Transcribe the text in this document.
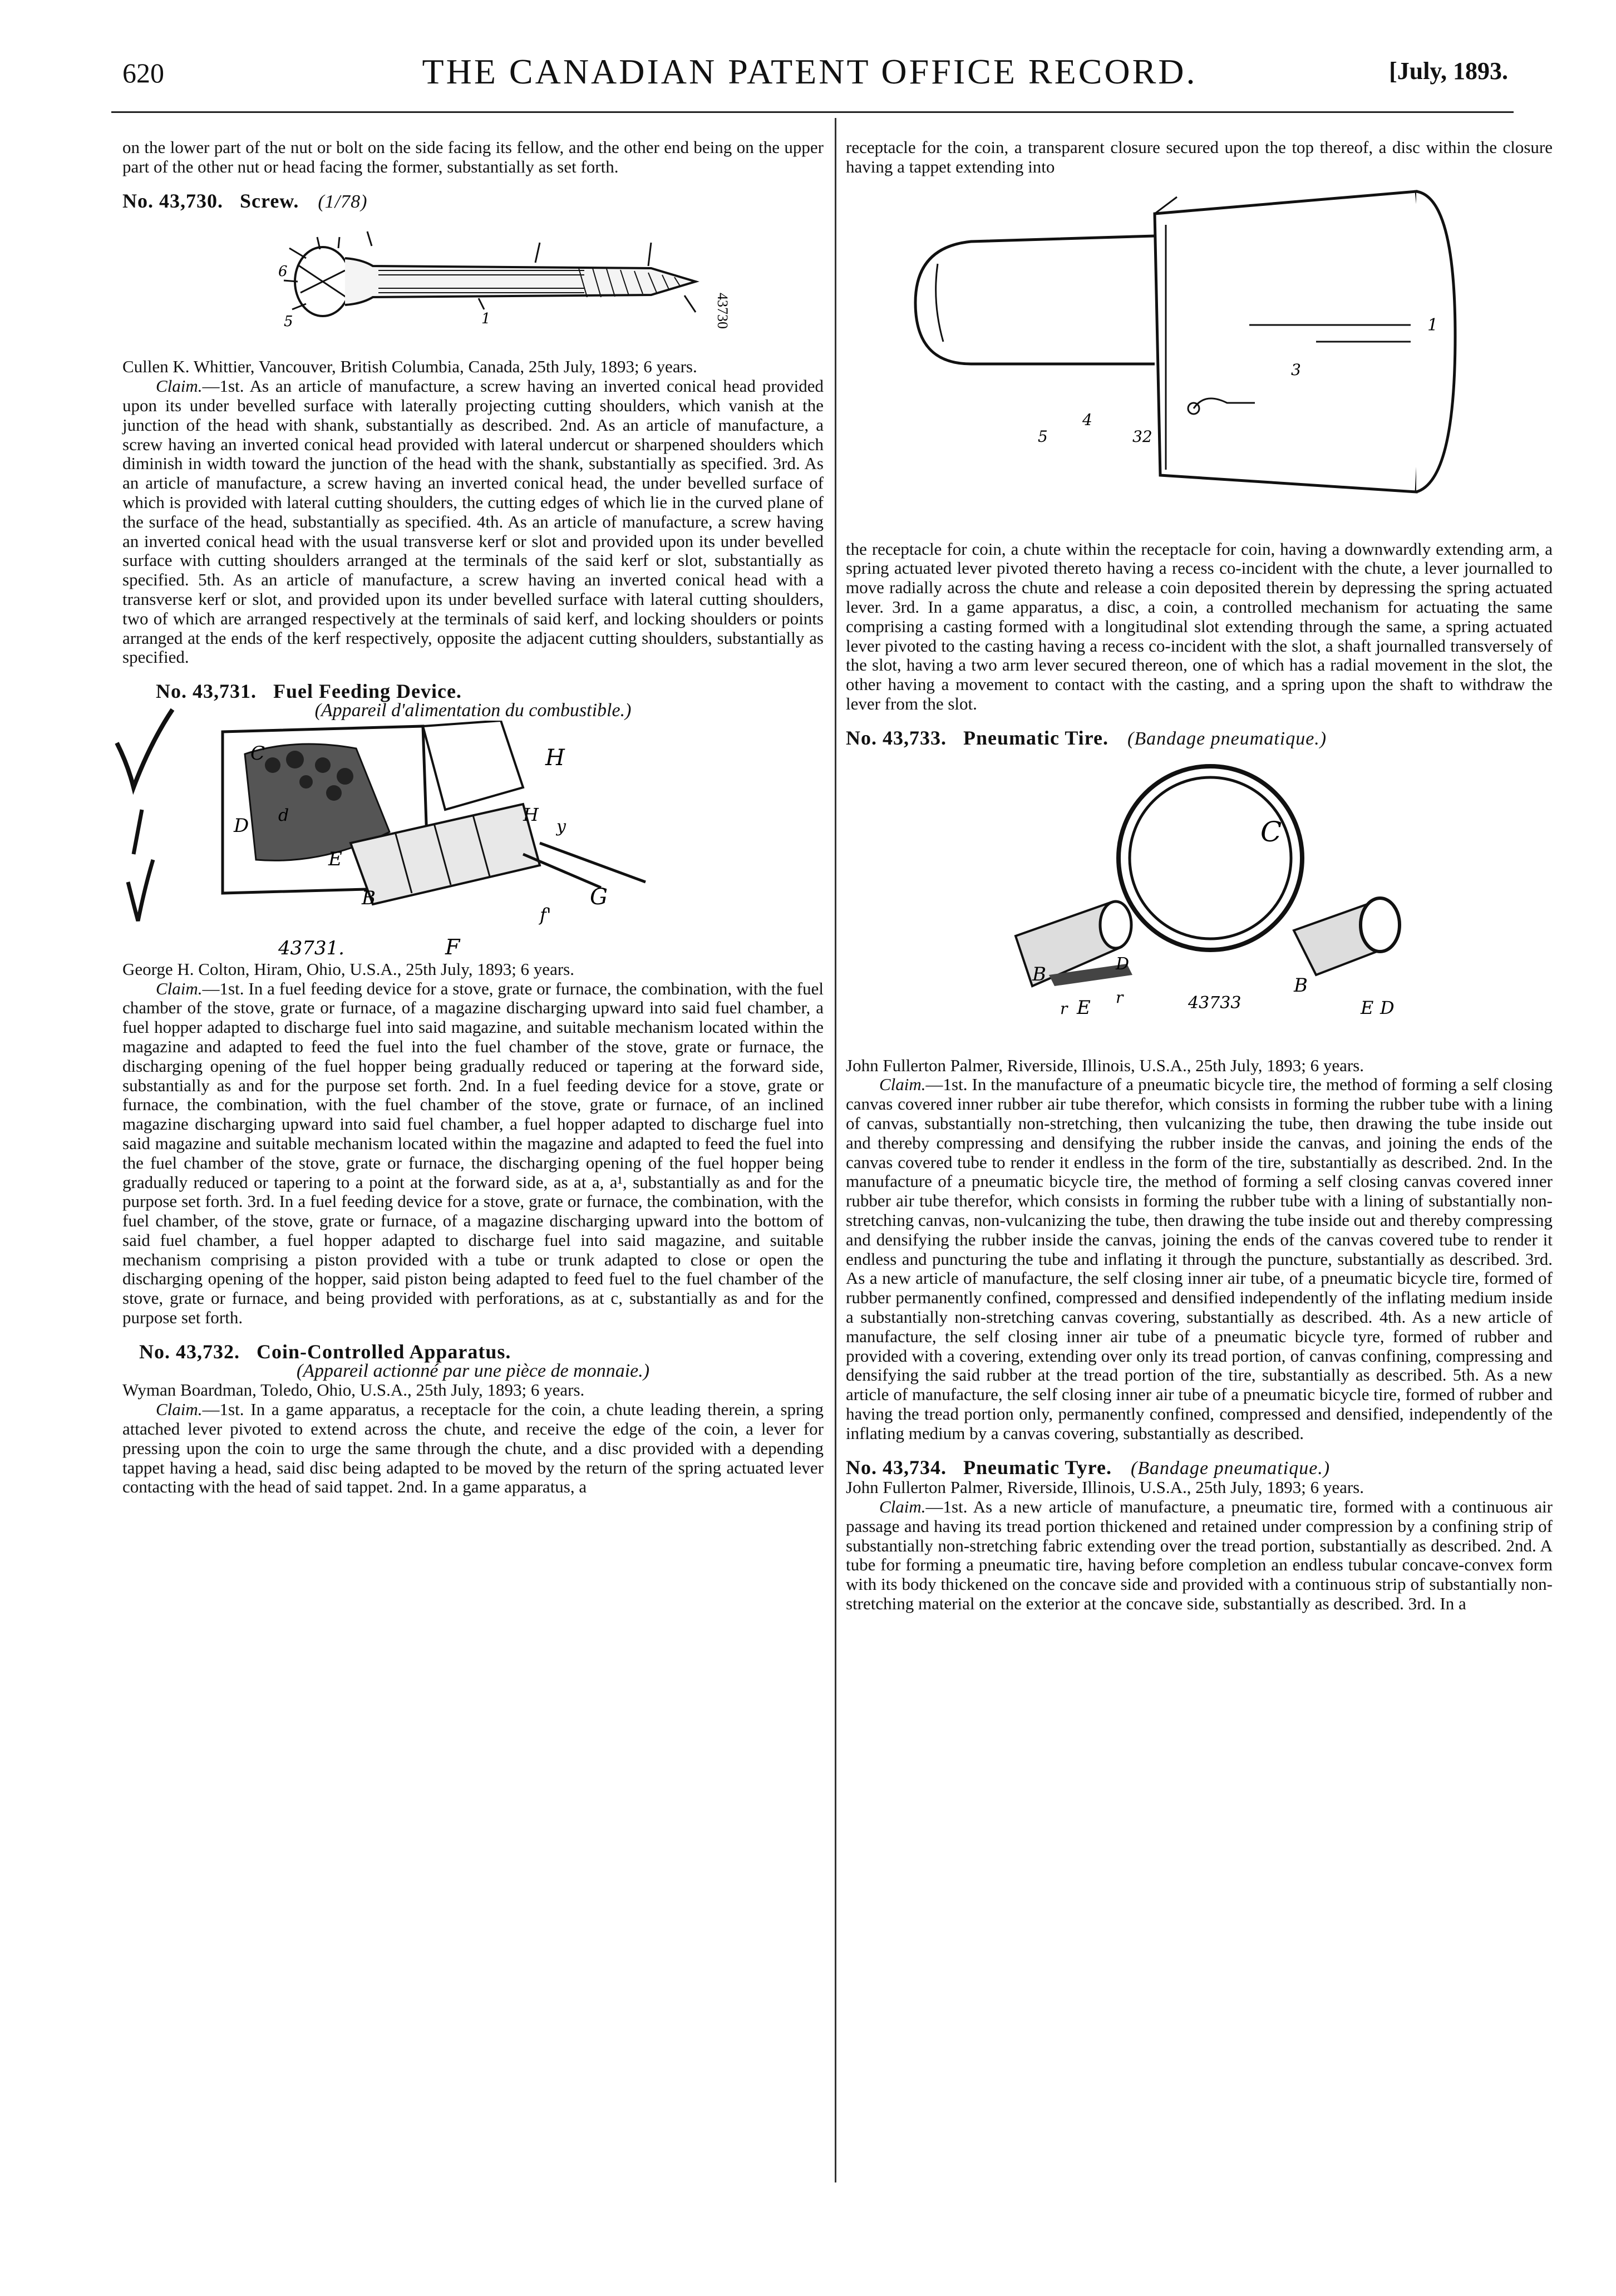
620	THE CANADIAN PATENT OFFICE RECORD.	[July, 1893.

on the lower part of the nut or bolt on the side facing its fellow, and the other end being on the upper part of the other nut or head facing the former, substantially as set forth.

No. 43,730. Screw. (1/78)

6
5	1	43730

Cullen K. Whittier, Vancouver, British Columbia, Canada, 25th July, 1893; 6 years.

Claim.—1st. As an article of manufacture, a screw having an inverted conical head provided upon its under bevelled surface with laterally projecting cutting shoulders, which vanish at the junction of the head with shank, substantially as described. 2nd. As an article of manufacture, a screw having an inverted conical head provided with lateral undercut or sharpened shoulders which diminish in width toward the junction of the head with the shank, substantially as specified. 3rd. As an article of manufacture, a screw having an inverted conical head, the under bevelled surface of which is provided with lateral cutting shoulders, the cutting edges of which lie in the curved plane of the surface of the head, substantially as specified. 4th. As an article of manufacture, a screw having an inverted conical head with the usual transverse kerf or slot and provided upon its under bevelled surface with cutting shoulders arranged at the terminals of the said kerf or slot, substantially as specified. 5th. As an article of manufacture, a screw having an inverted conical head with a transverse kerf or slot, and provided upon its under bevelled surface with lateral cutting shoulders, two of which are arranged respectively at the terminals of said kerf, and locking shoulders or points arranged at the ends of the kerf respectively, opposite the adjacent cutting shoulders, substantially as specified.

No. 43,731. Fuel Feeding Device.

(Appareil d'alimentation du combustible.)

C	H
d
D
E
B
H
y
f'
G
F
43731.

George H. Colton, Hiram, Ohio, U.S.A., 25th July, 1893; 6 years.

Claim.—1st. In a fuel feeding device for a stove, grate or furnace, the combination, with the fuel chamber of the stove, grate or furnace, of a magazine discharging upward into said fuel chamber, a fuel hopper adapted to discharge fuel into said magazine, and suitable mechanism located within the magazine and adapted to feed the fuel into the fuel chamber of the stove, grate or furnace, the discharging opening of the fuel hopper being gradually reduced or tapering at the forward side, substantially as and for the purpose set forth. 2nd. In a fuel feeding device for a stove, grate or furnace, the combination, with the fuel chamber of the stove, grate or furnace, of an inclined magazine discharging upward into said fuel chamber, a fuel hopper adapted to discharge fuel into said magazine and suitable mechanism located within the magazine and adapted to feed the fuel into the fuel chamber of the stove, grate or furnace, the discharging opening of the fuel hopper being gradually reduced or tapering to a point at the forward side, as at a, a¹, substantially as and for the purpose set forth. 3rd. In a fuel feeding device for a stove, grate or furnace, the combination, with the fuel chamber, of the stove, grate or furnace, of a magazine discharging upward into the bottom of said fuel chamber, a fuel hopper adapted to discharge fuel into said magazine, and suitable mechanism comprising a piston provided with a tube or trunk adapted to close or open the discharging opening of the hopper, said piston being adapted to feed fuel to the fuel chamber of the stove, grate or furnace, and being provided with perforations, as at c, substantially as and for the purpose set forth.

No. 43,732. Coin-Controlled Apparatus.

(Appareil actionné par une pièce de monnaie.)

Wyman Boardman, Toledo, Ohio, U.S.A., 25th July, 1893; 6 years.

Claim.—1st. In a game apparatus, a receptacle for the coin, a chute leading therein, a spring attached lever pivoted to extend across the chute, and receive the edge of the coin, a lever for pressing upon the coin to urge the same through the chute, and a disc provided with a depending tappet having a head, said disc being adapted to be moved by the return of the spring actuated lever contacting with the head of said tappet. 2nd. In a game apparatus, a

receptacle for the coin, a transparent closure secured upon the top thereof, a disc within the closure having a tappet extending into

1
3
4
5	32

the receptacle for coin, a chute within the receptacle for coin, having a downwardly extending arm, a spring actuated lever pivoted thereto having a recess co-incident with the chute, a lever journalled to move radially across the chute and release a coin deposited therein by depressing the spring actuated lever. 3rd. In a game apparatus, a disc, a coin, a controlled mechanism for actuating the same comprising a casting formed with a longitudinal slot extending through the same, a spring actuated lever pivoted to the casting having a recess co-incident with the slot, a shaft journalled transversely of the slot, having a two arm lever secured thereon, one of which has a radial movement in the slot, the other having a movement to contact with the casting, and a spring upon the shaft to withdraw the lever from the slot.

No. 43,733. Pneumatic Tire. (Bandage pneumatique.)

C
B	D
E
r
r
B
E D
43733

John Fullerton Palmer, Riverside, Illinois, U.S.A., 25th July, 1893; 6 years.

Claim.—1st. In the manufacture of a pneumatic bicycle tire, the method of forming a self closing canvas covered inner rubber air tube therefor, which consists in forming the rubber tube with a lining of canvas, substantially non-stretching, then vulcanizing the tube, then drawing the tube inside out and thereby compressing and densifying the rubber inside the canvas, and joining the ends of the canvas covered tube to render it endless in the form of the tire, substantially as described. 2nd. In the manufacture of a pneumatic bicycle tire, the method of forming a self closing canvas covered inner rubber air tube therefor, which consists in forming the rubber tube with a lining of substantially non-stretching canvas, non-vulcanizing the tube, then drawing the tube inside out and thereby compressing and densifying the rubber inside the canvas, joining the ends of the canvas covered tube to render it endless and puncturing the tube and inflating it through the puncture, substantially as described. 3rd. As a new article of manufacture, the self closing inner air tube, of a pneumatic bicycle tire, formed of rubber permanently confined, compressed and densified independently of the inflating medium inside a substantially non-stretching canvas covering, substantially as described. 4th. As a new article of manufacture, the self closing inner air tube of a pneumatic bicycle tyre, formed of rubber and provided with a covering, extending over only its tread portion, of canvas confining, compressing and densifying the said rubber at the tread portion of the tire, substantially as described. 5th. As a new article of manufacture, the self closing inner air tube of a pneumatic bicycle tire, formed of rubber and having the tread portion only, permanently confined, compressed and densified, independently of the inflating medium by a canvas covering, substantially as described.

No. 43,734. Pneumatic Tyre. (Bandage pneumatique.)

John Fullerton Palmer, Riverside, Illinois, U.S.A., 25th July, 1893; 6 years.

Claim.—1st. As a new article of manufacture, a pneumatic tire, formed with a continuous air passage and having its tread portion thickened and retained under compression by a confining strip of substantially non-stretching fabric extending over the tread portion, substantially as described. 2nd. A tube for forming a pneumatic tire, having before completion an endless tubular concave-convex form with its body thickened on the concave side and provided with a continuous strip of substantially non-stretching material on the exterior at the concave side, substantially as described. 3rd. In a
